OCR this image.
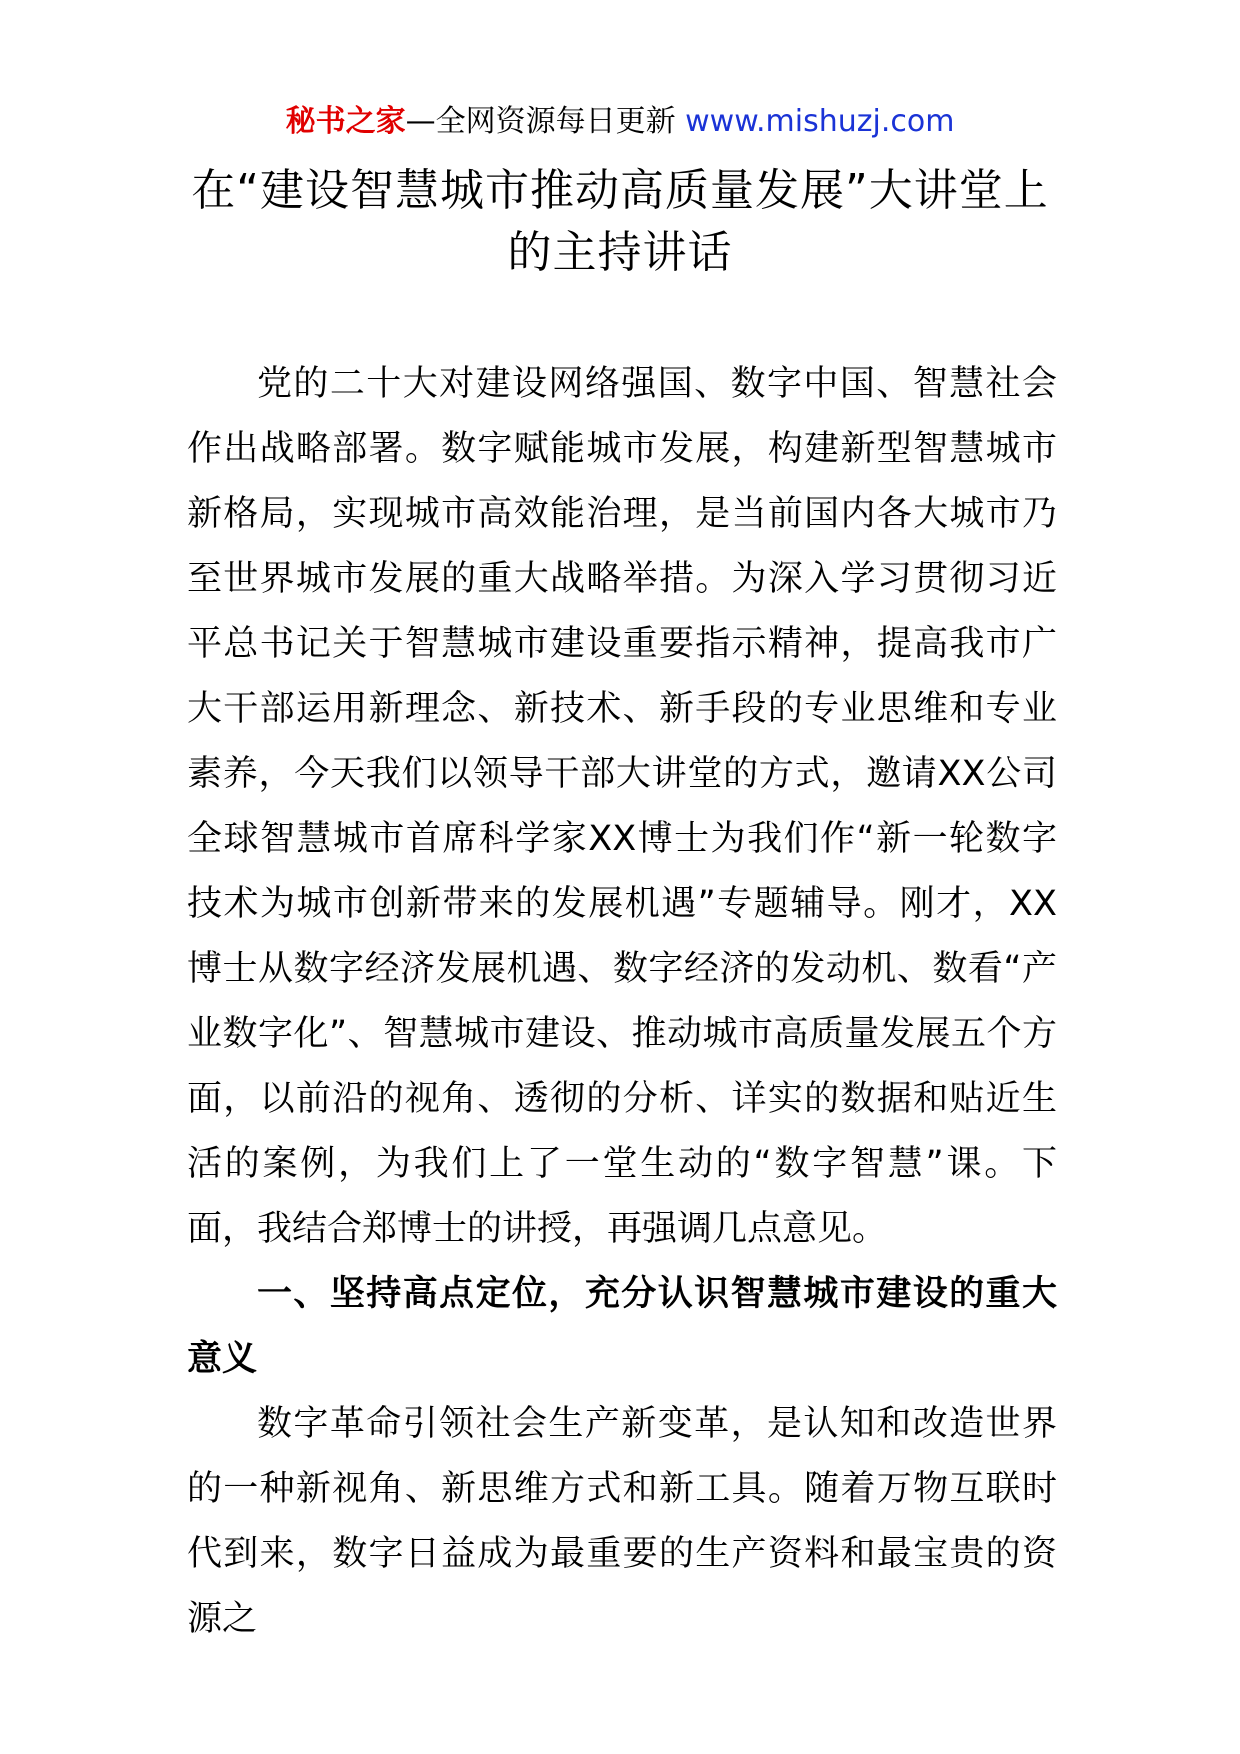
秘书之家—全网资源每日更新 www.mishuzj.com
在“建设智慧城市推动高质量发展”大讲堂上的主持讲话

党的二十大对建设网络强国、数字中国、智慧社会作出战略部署。数字赋能城市发展，构建新型智慧城市新格局，实现城市高效能治理，是当前国内各大城市乃至世界城市发展的重大战略举措。为深入学习贯彻习近平总书记关于智慧城市建设重要指示精神，提高我市广大干部运用新理念、新技术、新手段的专业思维和专业素养，今天我们以领导干部大讲堂的方式，邀请XX公司全球智慧城市首席科学家XX博士为我们作“新一轮数字技术为城市创新带来的发展机遇”专题辅导。刚才，XX博士从数字经济发展机遇、数字经济的发动机、数看“产业数字化”、智慧城市建设、推动城市高质量发展五个方面，以前沿的视角、透彻的分析、详实的数据和贴近生活的案例，为我们上了一堂生动的“数字智慧”课。下面，我结合郑博士的讲授，再强调几点意见。

一、坚持高点定位，充分认识智慧城市建设的重大意义

数字革命引领社会生产新变革，是认知和改造世界的一种新视角、新思维方式和新工具。随着万物互联时代到来，数字日益成为最重要的生产资料和最宝贵的资源之
